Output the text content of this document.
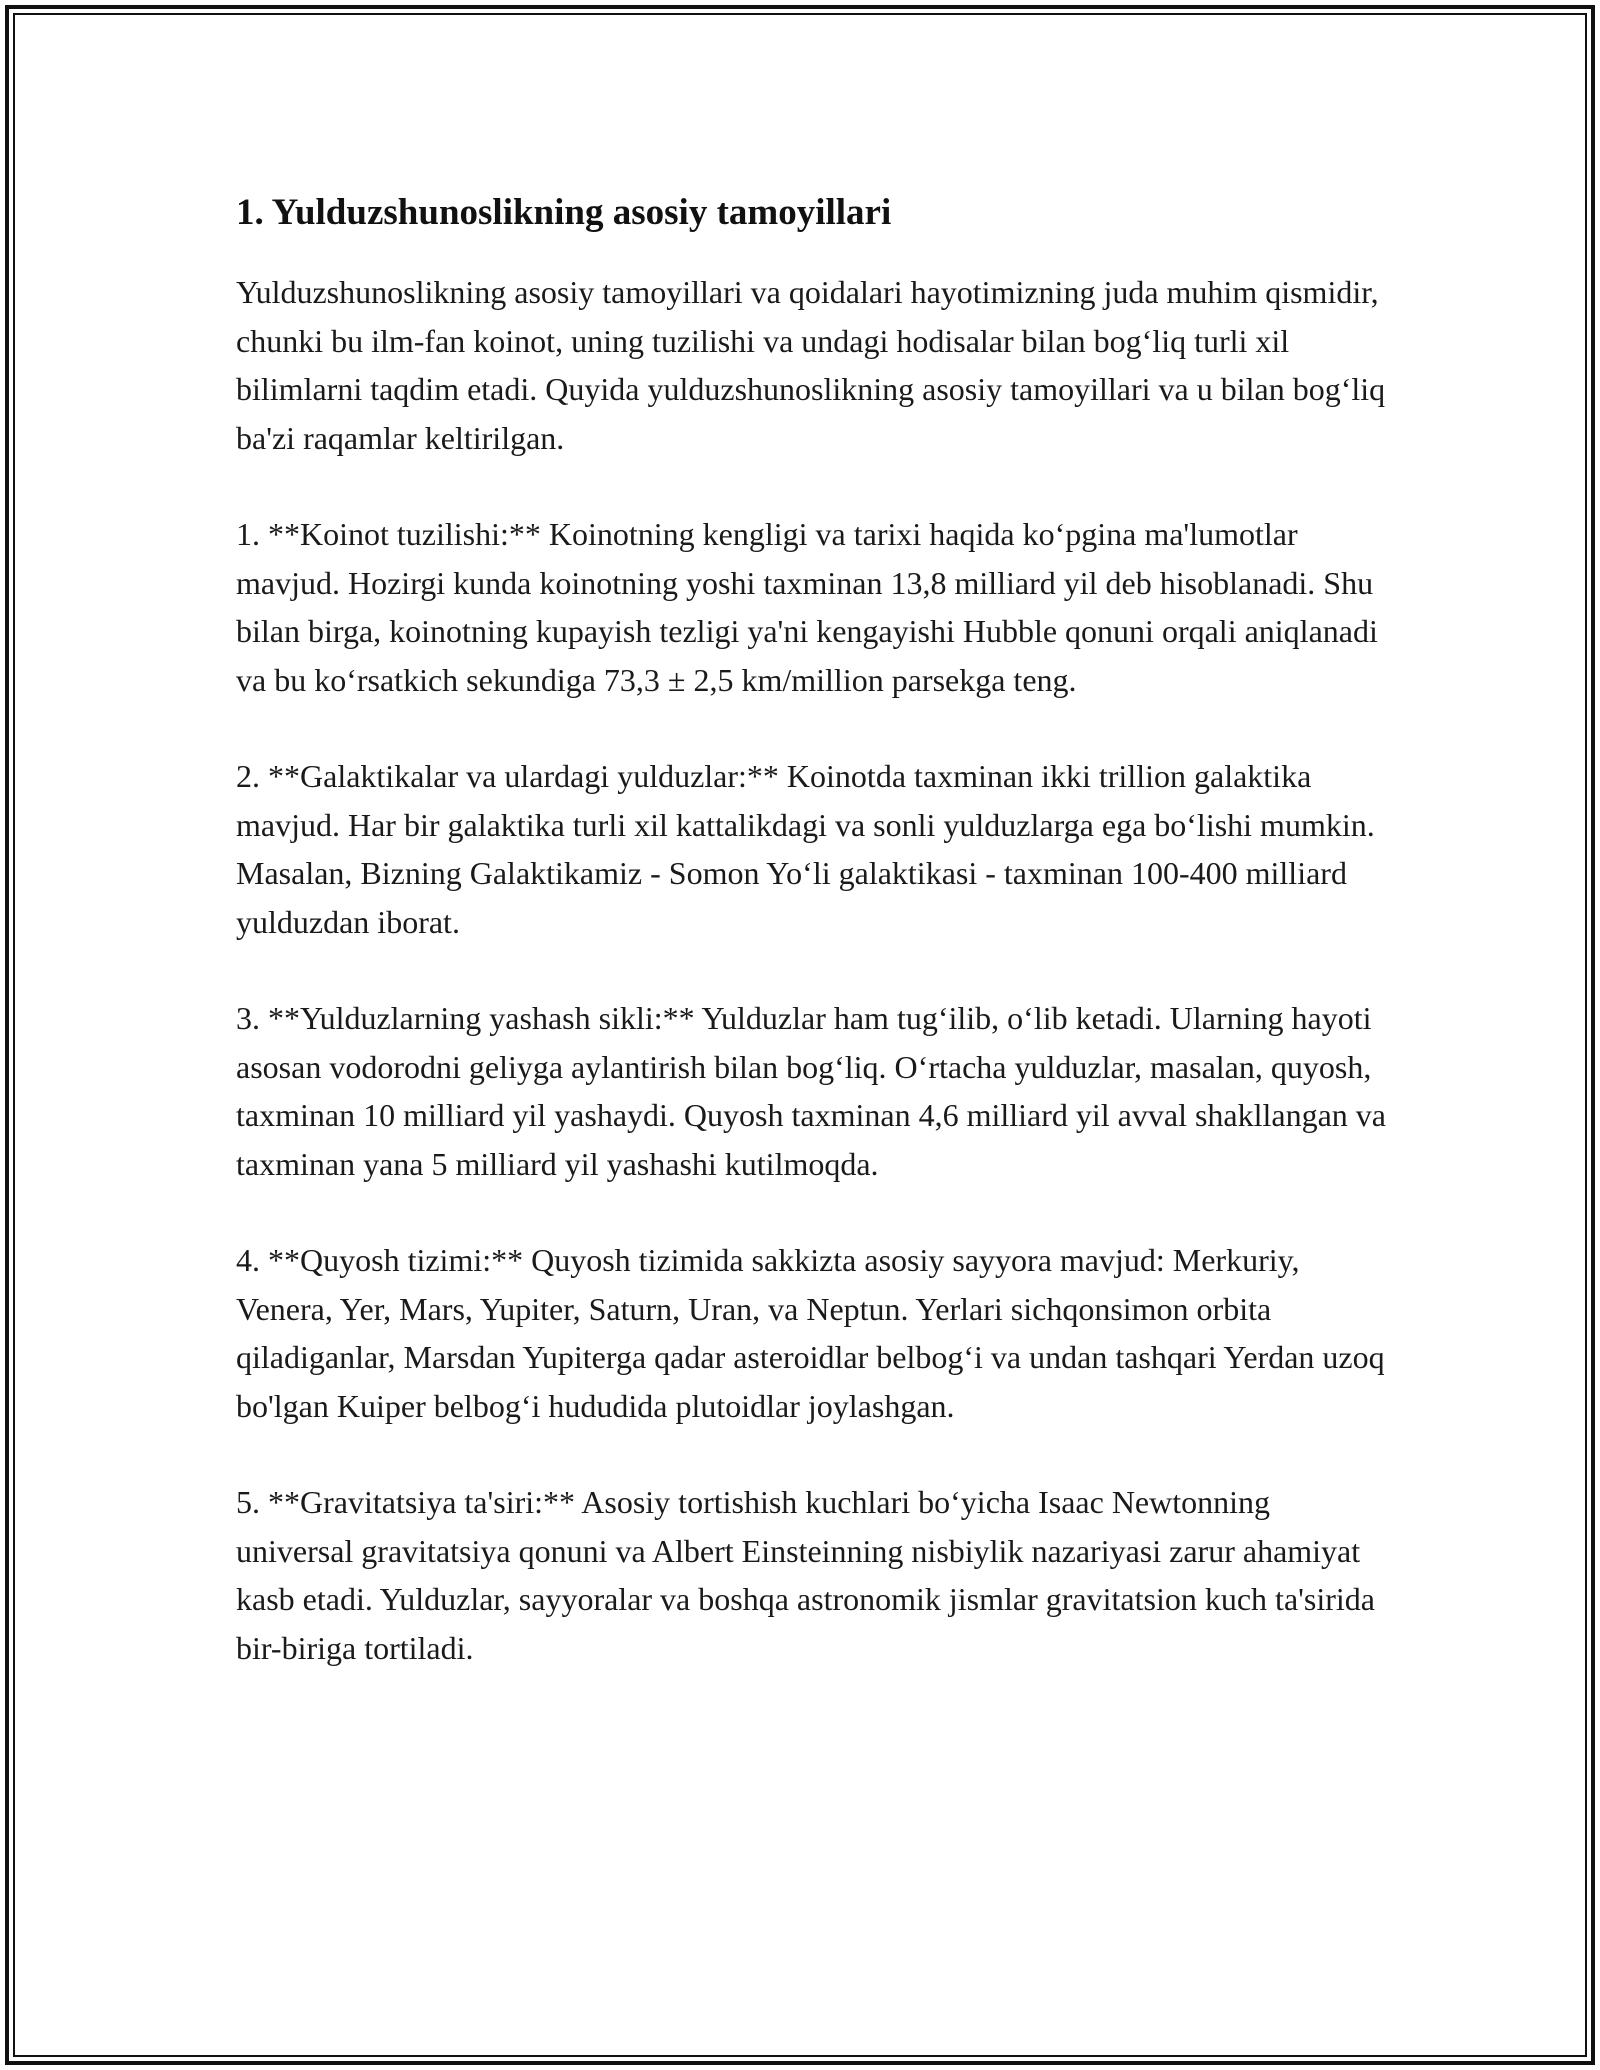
1. Yulduzshunoslikning asosiy tamoyillari

Yulduzshunoslikning asosiy tamoyillari va qoidalari hayotimizning juda muhim qismidir, chunki bu ilm-fan koinot, uning tuzilishi va undagi hodisalar bilan bog‘liq turli xil bilimlarni taqdim etadi. Quyida yulduzshunoslikning asosiy tamoyillari va u bilan bog‘liq ba'zi raqamlar keltirilgan.

1. **Koinot tuzilishi:** Koinotning kengligi va tarixi haqida ko‘pgina ma'lumotlar mavjud. Hozirgi kunda koinotning yoshi taxminan 13,8 milliard yil deb hisoblanadi. Shu bilan birga, koinotning kupayish tezligi ya'ni kengayishi Hubble qonuni orqali aniqlanadi va bu ko‘rsatkich sekundiga 73,3 ± 2,5 km/million parsekga teng.

2. **Galaktikalar va ulardagi yulduzlar:** Koinotda taxminan ikki trillion galaktika mavjud. Har bir galaktika turli xil kattalikdagi va sonli yulduzlarga ega bo‘lishi mumkin. Masalan, Bizning Galaktikamiz - Somon Yo‘li galaktikasi - taxminan 100-400 milliard yulduzdan iborat.

3. **Yulduzlarning yashash sikli:** Yulduzlar ham tug‘ilib, o‘lib ketadi. Ularning hayoti asosan vodorodni geliyga aylantirish bilan bog‘liq. O‘rtacha yulduzlar, masalan, quyosh, taxminan 10 milliard yil yashaydi. Quyosh taxminan 4,6 milliard yil avval shakllangan va taxminan yana 5 milliard yil yashashi kutilmoqda.

4. **Quyosh tizimi:** Quyosh tizimida sakkizta asosiy sayyora mavjud: Merkuriy, Venera, Yer, Mars, Yupiter, Saturn, Uran, va Neptun. Yerlari sichqonsimon orbita qiladiganlar, Marsdan Yupiterga qadar asteroidlar belbog‘i va undan tashqari Yerdan uzoq bo'lgan Kuiper belbog‘i hududida plutoidlar joylashgan.

5. **Gravitatsiya ta'siri:** Asosiy tortishish kuchlari bo‘yicha Isaac Newtonning universal gravitatsiya qonuni va Albert Einsteinning nisbiylik nazariyasi zarur ahamiyat kasb etadi. Yulduzlar, sayyoralar va boshqa astronomik jismlar gravitatsion kuch ta'sirida bir-biriga tortiladi.
